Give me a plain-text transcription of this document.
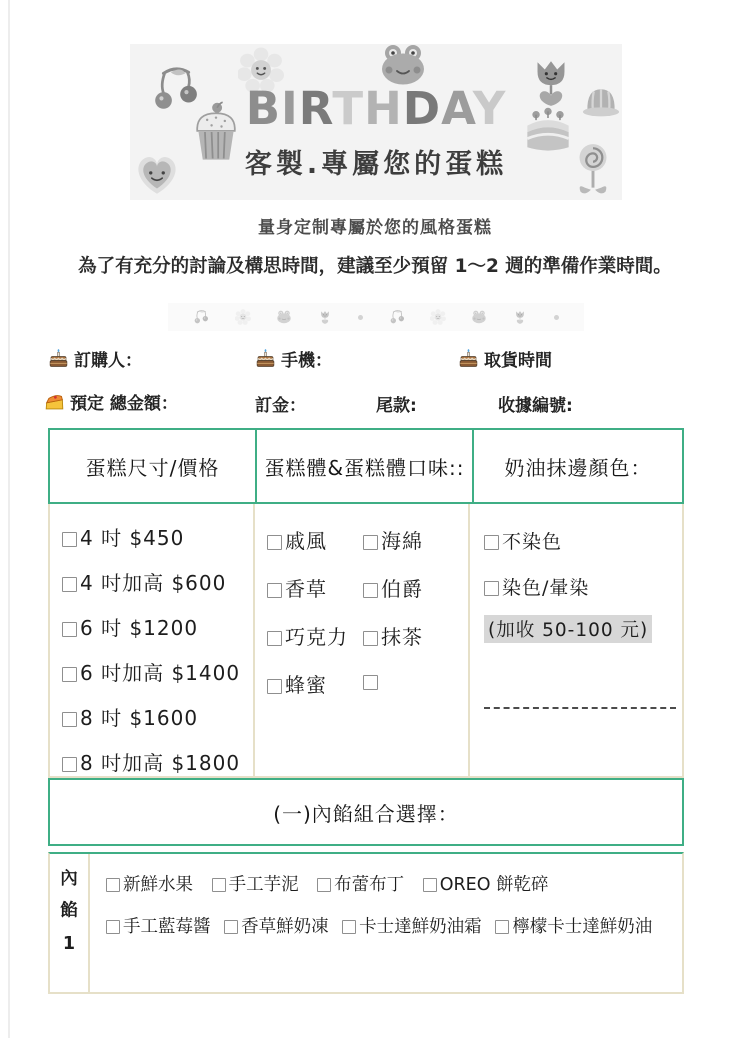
BIRTHDAY
客製.專屬您的蛋糕
量身定制專屬於您的風格蛋糕
為了有充分的討論及構思時間，建議至少預留 1～2 週的準備作業時間。
訂購人：	手機：	取貨時間
預定 總金額：	訂金：	尾款:	收據編號:
蛋糕尺寸/價格	蛋糕體&蛋糕體口味::	奶油抹邊顏色：
4 吋 $450
4 吋加高 $600
6 吋 $1200
6 吋加高 $1400
8 吋 $1600
8 吋加高 $1800
戚風	海綿
香草	伯爵
巧克力	抹茶
蜂蜜
不染色
染色/暈染
(加收 50-100 元)
(一)內餡組合選擇：
內餡1
新鮮水果 手工芋泥 布蕾布丁 OREO 餅乾碎
手工藍莓醬 香草鮮奶凍 卡士達鮮奶油霜 檸檬卡士達鮮奶油
